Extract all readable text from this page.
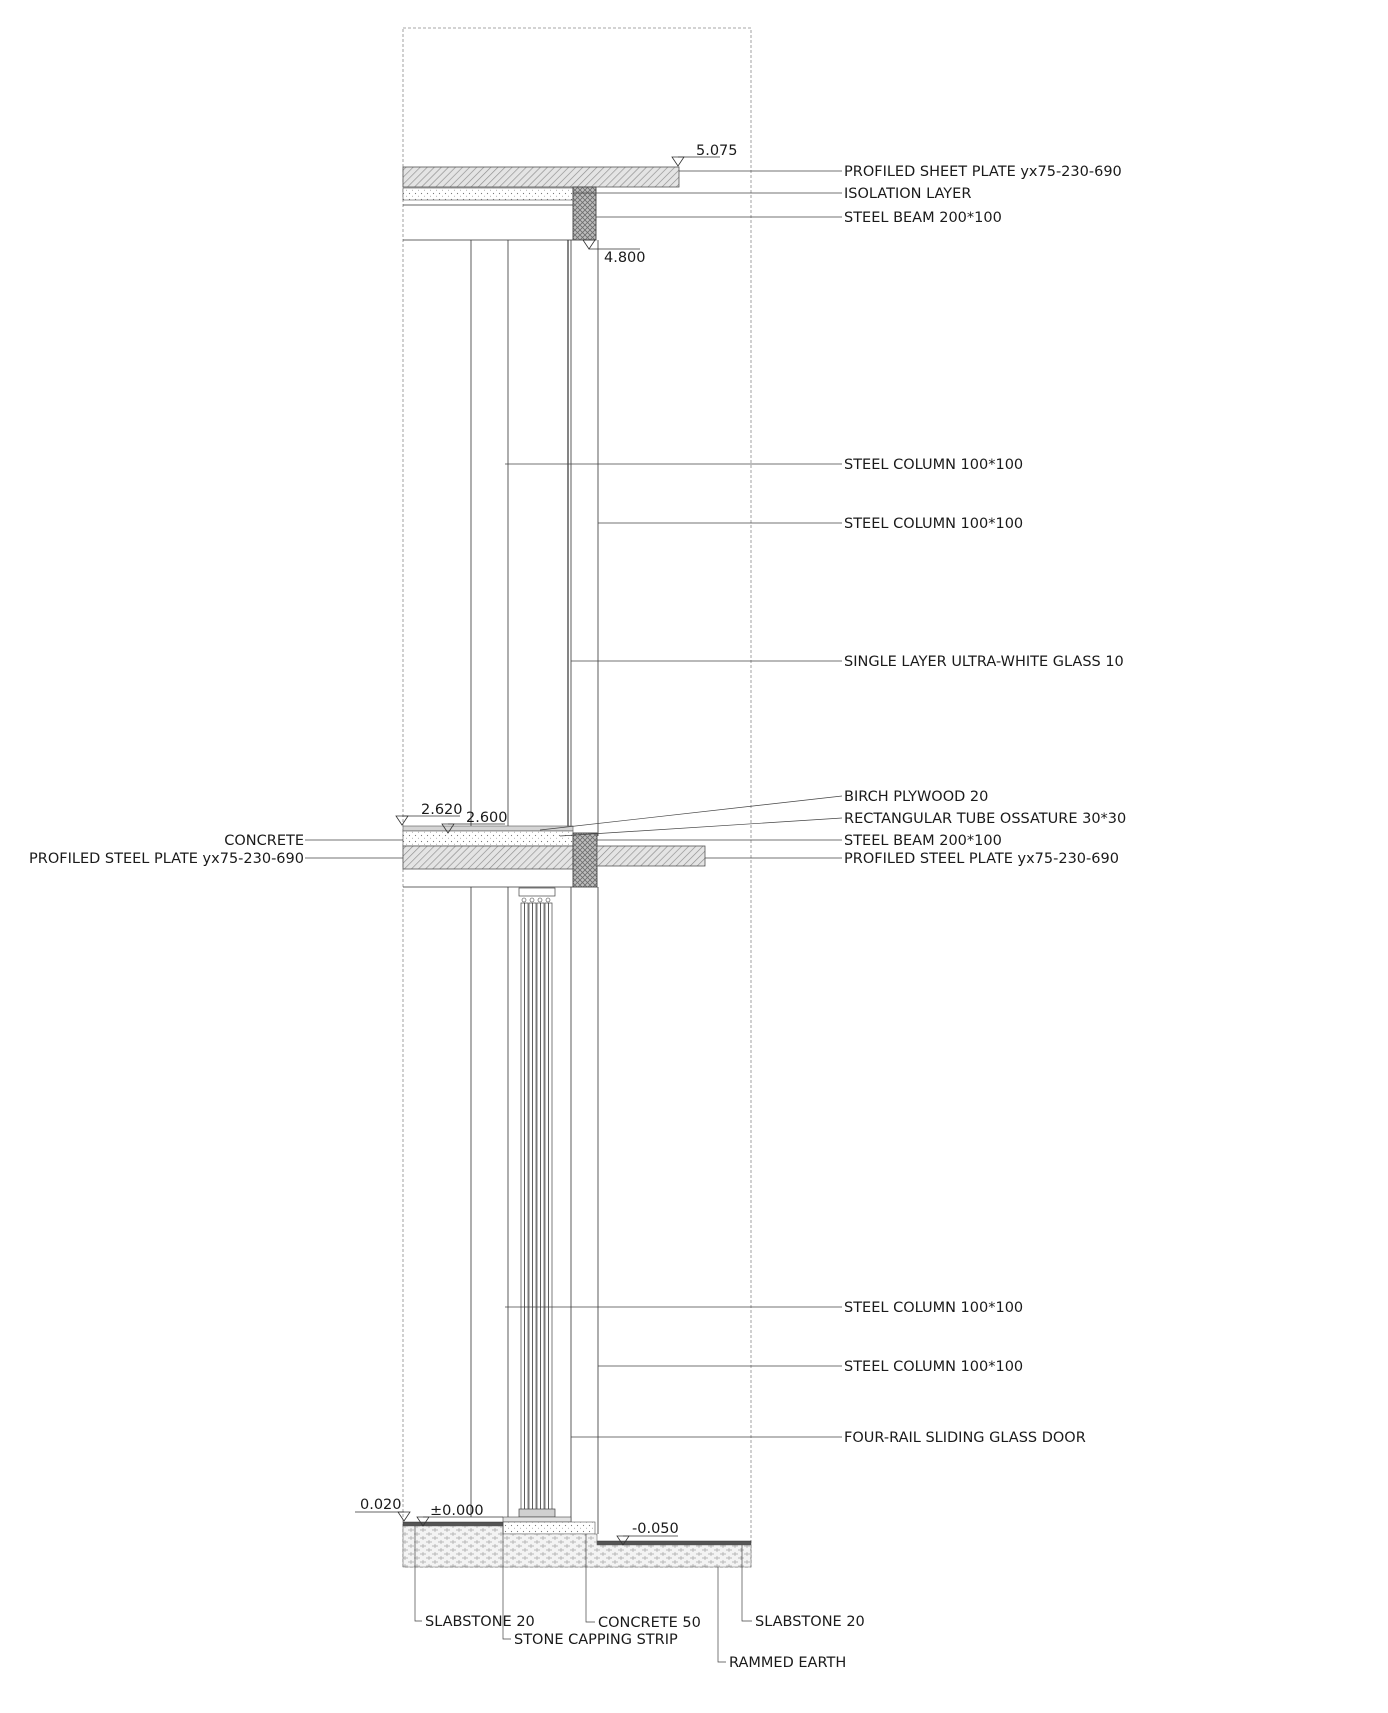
5.075
4.800
2.620 2.600
0.020 ±0.000
-0.050
PROFILED SHEET PLATE yx75-230-690
ISOLATION LAYER
STEEL BEAM 200*100
STEEL COLUMN 100*100
STEEL COLUMN 100*100
SINGLE LAYER ULTRA-WHITE GLASS 10
BIRCH PLYWOOD 20
RECTANGULAR TUBE OSSATURE 30*30
STEEL BEAM 200*100
PROFILED STEEL PLATE yx75-230-690
STEEL COLUMN 100*100
STEEL COLUMN 100*100
FOUR-RAIL SLIDING GLASS DOOR
CONCRETE
PROFILED STEEL PLATE yx75-230-690
SLABSTONE 20
STONE CAPPING STRIP
CONCRETE 50	SLABSTONE 20
RAMMED EARTH
